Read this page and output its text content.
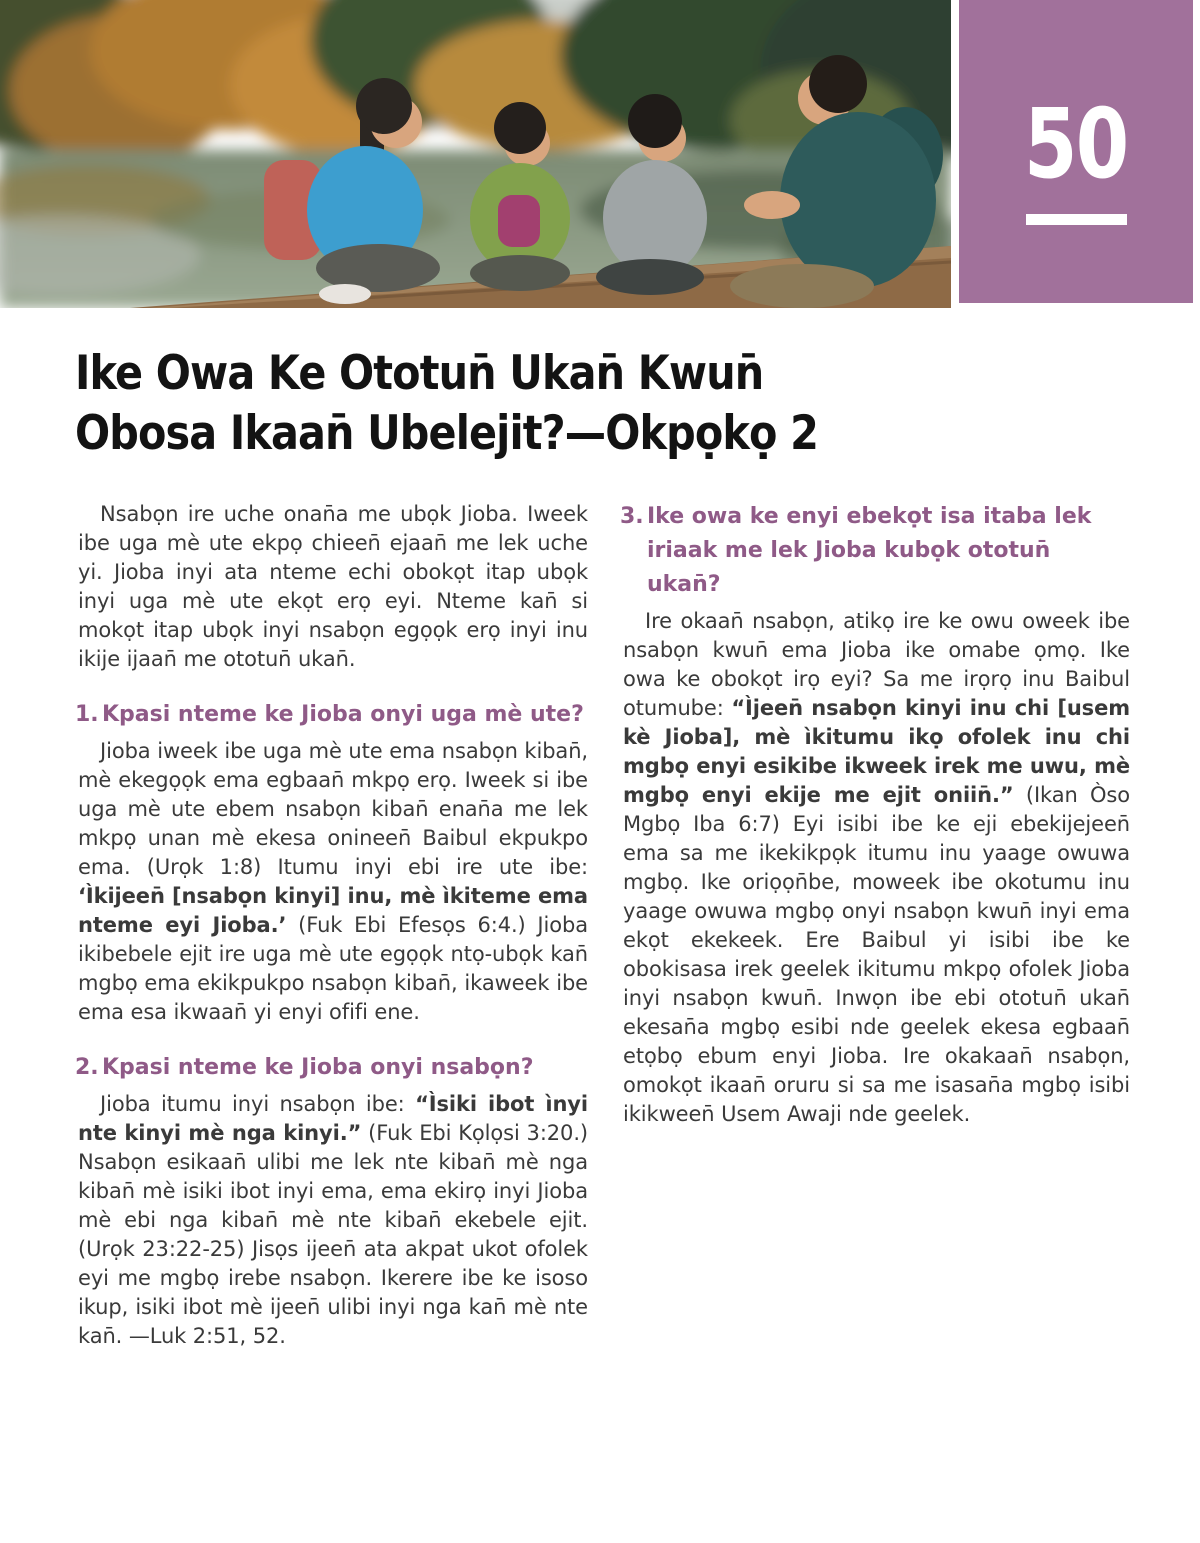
50
Ike Owa Ke Ototun̄ Ukan̄ Kwun̄
Obosa Ikaan̄ Ubelejit?—Okpọkọ 2

Nsabọn ire uche onan̄a me ubọk Jioba. Iweek ibe uga mè ute ekpọ chieen̄ ejaan̄ me lek uche yi. Jioba inyi ata nteme echi obokọt itap ubọk inyi uga mè ute ekọt erọ eyi. Nteme kan̄ si mokọt itap ubọk inyi nsabọn egọọk erọ inyi inu ikije ijaan̄ me ototun̄ ukan̄.

1. Kpasi nteme ke Jioba onyi uga mè ute?

Jioba iweek ibe uga mè ute ema nsabọn kiban̄, mè ekegọọk ema egbaan̄ mkpọ erọ. Iweek si ibe uga mè ute ebem nsabọn kiban̄ enan̄a me lek mkpọ unan mè ekesa onineen̄ Baibul ekpukpo ema. (Urọk 1:8) Itumu inyi ebi ire ute ibe: ‘Ìkijeen̄ [nsabọn kinyi] inu, mè ìkiteme ema nteme eyi Jioba.’ (Fuk Ebi Efesọs 6:4.) Jioba ikibebele ejit ire uga mè ute egọọk ntọ-ubọk kan̄ mgbọ ema ekikpukpo nsabọn kiban̄, ikaweek ibe ema esa ikwaan̄ yi enyi ofifi ene.

2. Kpasi nteme ke Jioba onyi nsabọn?

Jioba itumu inyi nsabọn ibe: “Ìsiki ibot ìnyi nte kinyi mè nga kinyi.” (Fuk Ebi Kọlọsi 3:20.) Nsabọn esikaan̄ ulibi me lek nte kiban̄ mè nga kiban̄ mè isiki ibot inyi ema, ema ekirọ inyi Jioba mè ebi nga kiban̄ mè nte kiban̄ ekebele ejit. (Urọk 23:22-25) Jisọs ijeen̄ ata akpat ukot ofolek eyi me mgbọ irebe nsabọn. Ikerere ibe ke isoso ikup, isiki ibot mè ijeen̄ ulibi inyi nga kan̄ mè nte kan̄. —Luk 2:51, 52.

3. Ike owa ke enyi ebekọt isa itaba lek iriaak me lek Jioba kubọk ototun̄ ukan̄?

Ire okaan̄ nsabọn, atikọ ire ke owu oweek ibe nsabọn kwun̄ ema Jioba ike omabe ọmọ. Ike owa ke obokọt irọ eyi? Sa me irọrọ inu Baibul otumube: “Ìjeen̄ nsabọn kinyi inu chi [usem kè Jioba], mè ìkitumu ikọ ofolek inu chi mgbọ enyi esikibe ikweek irek me uwu, mè mgbọ enyi ekije me ejit oniin̄.” (Ikan Òso Mgbọ Iba 6:7) Eyi isibi ibe ke eji ebekijejeen̄ ema sa me ikekikpọk itumu inu yaage owuwa mgbọ. Ike oriọọn̄be, moweek ibe okotumu inu yaage owuwa mgbọ onyi nsabọn kwun̄ inyi ema ekọt ekekeek. Ere Baibul yi isibi ibe ke obokisasa irek geelek ikitumu mkpọ ofolek Jioba inyi nsabọn kwun̄. Inwọn ibe ebi ototun̄ ukan̄ ekesan̄a mgbọ esibi nde geelek ekesa egbaan̄ etọbọ ebum enyi Jioba. Ire okakaan̄ nsabọn, omokọt ikaan̄ oruru si sa me isasan̄a mgbọ isibi ikikween̄ Usem Awaji nde geelek.
